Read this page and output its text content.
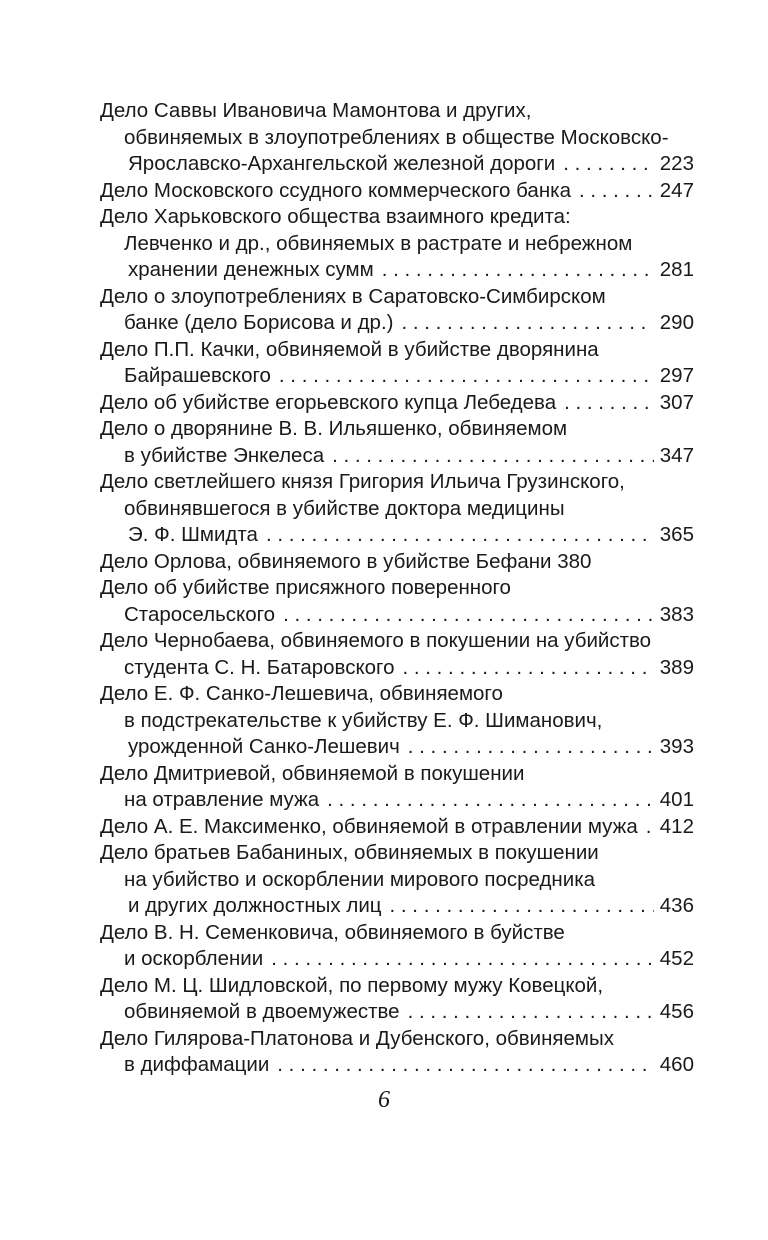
Дело Саввы Ивановича Мамонтова и других,
обвиняемых в злоупотреблениях в обществе Московско-
Ярославско-Архангельской железной дороги . . .	223
Дело Московского ссудного коммерческого банка . . .	247
Дело Харьковского общества взаимного кредита:
Левченко и др., обвиняемых в растрате и небрежном
хранении денежных сумм . . .	281
Дело о злоупотреблениях в Саратовско-Симбирском
банке (дело Борисова и др.) . . .	290
Дело П.П. Качки, обвиняемой в убийстве дворянина
Байрашевского . . .	297
Дело об убийстве егорьевского купца Лебедева . . .	307
Дело о дворянине В. В. Ильяшенко, обвиняемом
в убийстве Энкелеса . . .	347
Дело светлейшего князя Григория Ильича Грузинского,
обвинявшегося в убийстве доктора медицины
Э. Ф. Шмидта . . .	365
Дело Орлова, обвиняемого в убийстве Бефани 380
Дело об убийстве присяжного поверенного
Старосельского . . .	383
Дело Чернобаева, обвиняемого в покушении на убийство
студента С. Н. Батаровского . . .	389
Дело Е. Ф. Санко-Лешевича, обвиняемого
в подстрекательстве к убийству Е. Ф. Шиманович,
урожденной Санко-Лешевич . . .	393
Дело Дмитриевой, обвиняемой в покушении
на отравление мужа . . .	401
Дело А. Е. Максименко, обвиняемой в отравлении мужа . . . 412
Дело братьев Бабаниных, обвиняемых в покушении
на убийство и оскорблении мирового посредника
и других должностных лиц . . .	436
Дело В. Н. Семенковича, обвиняемого в буйстве
и оскорблении . . .	452
Дело М. Ц. Шидловской, по первому мужу Ковецкой,
обвиняемой в двоемужестве . . .	456
Дело Гилярова-Платонова и Дубенского, обвиняемых
в диффамации . . .	460
6
